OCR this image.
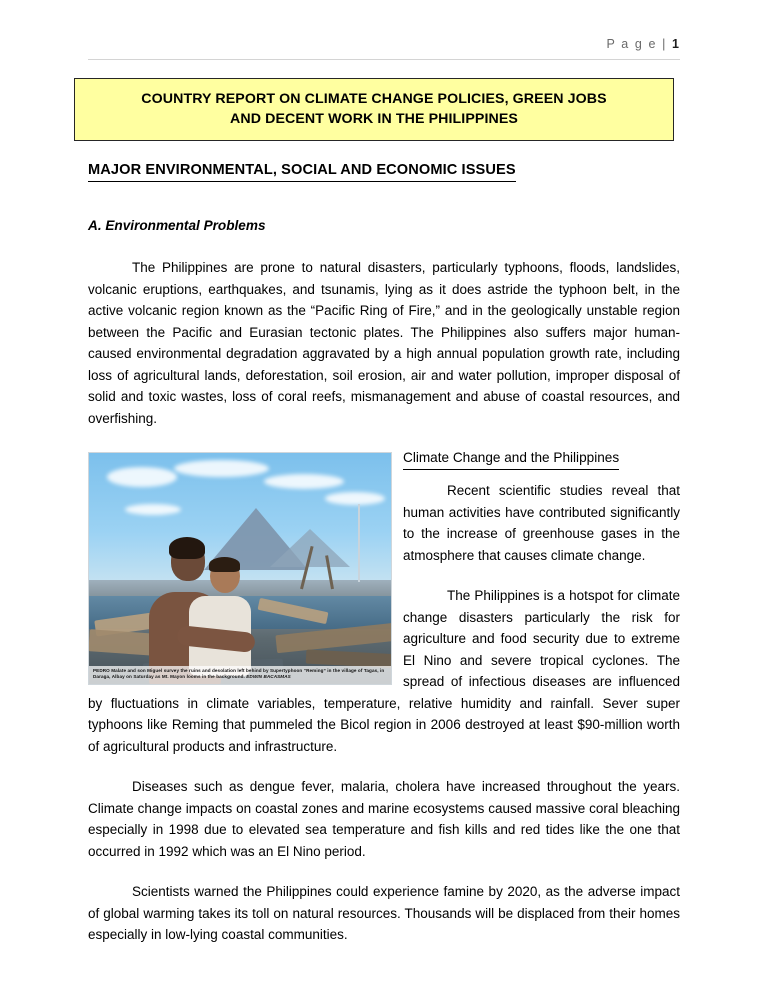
P a g e | 1
COUNTRY REPORT ON CLIMATE CHANGE POLICIES, GREEN JOBS
AND DECENT WORK IN THE PHILIPPINES
MAJOR ENVIRONMENTAL, SOCIAL AND ECONOMIC ISSUES
A. Environmental Problems

The Philippines are prone to natural disasters, particularly typhoons, floods, landslides, volcanic eruptions, earthquakes, and tsunamis, lying as it does astride the typhoon belt, in the active volcanic region known as the “Pacific Ring of Fire,” and in the geologically unstable region between the Pacific and Eurasian tectonic plates. The Philippines also suffers major human-caused environmental degradation aggravated by a high annual population growth rate, including loss of agricultural lands, deforestation, soil erosion, air and water pollution, improper disposal of solid and toxic wastes, loss of coral reefs, mismanagement and abuse of coastal resources, and overfishing.

Climate Change and the Philippines
PEDRO Malate and son Miguel survey the ruins and desolation left behind by Supertyphoon “Reming” in the village of Tagas, in Daraga, Albay on Saturday as Mt. Mayon looms in the background. EDWIN BACASMAS

Recent scientific studies reveal that human activities have contributed significantly to the increase of greenhouse gases in the atmosphere that causes climate change.

The Philippines is a hotspot for climate change disasters particularly the risk for agriculture and food security due to extreme El Nino and severe tropical cyclones. The spread of infectious diseases are influenced by fluctuations in climate variables, temperature, relative humidity and rainfall. Sever super typhoons like Reming that pummeled the Bicol region in 2006 destroyed at least $90-million worth of agricultural products and infrastructure.

Diseases such as dengue fever, malaria, cholera have increased throughout the years. Climate change impacts on coastal zones and marine ecosystems caused massive coral bleaching especially in 1998 due to elevated sea temperature and fish kills and red tides like the one that occurred in 1992 which was an El Nino period.

Scientists warned the Philippines could experience famine by 2020, as the adverse impact of global warming takes its toll on natural resources. Thousands will be displaced from their homes especially in low-lying coastal communities.
